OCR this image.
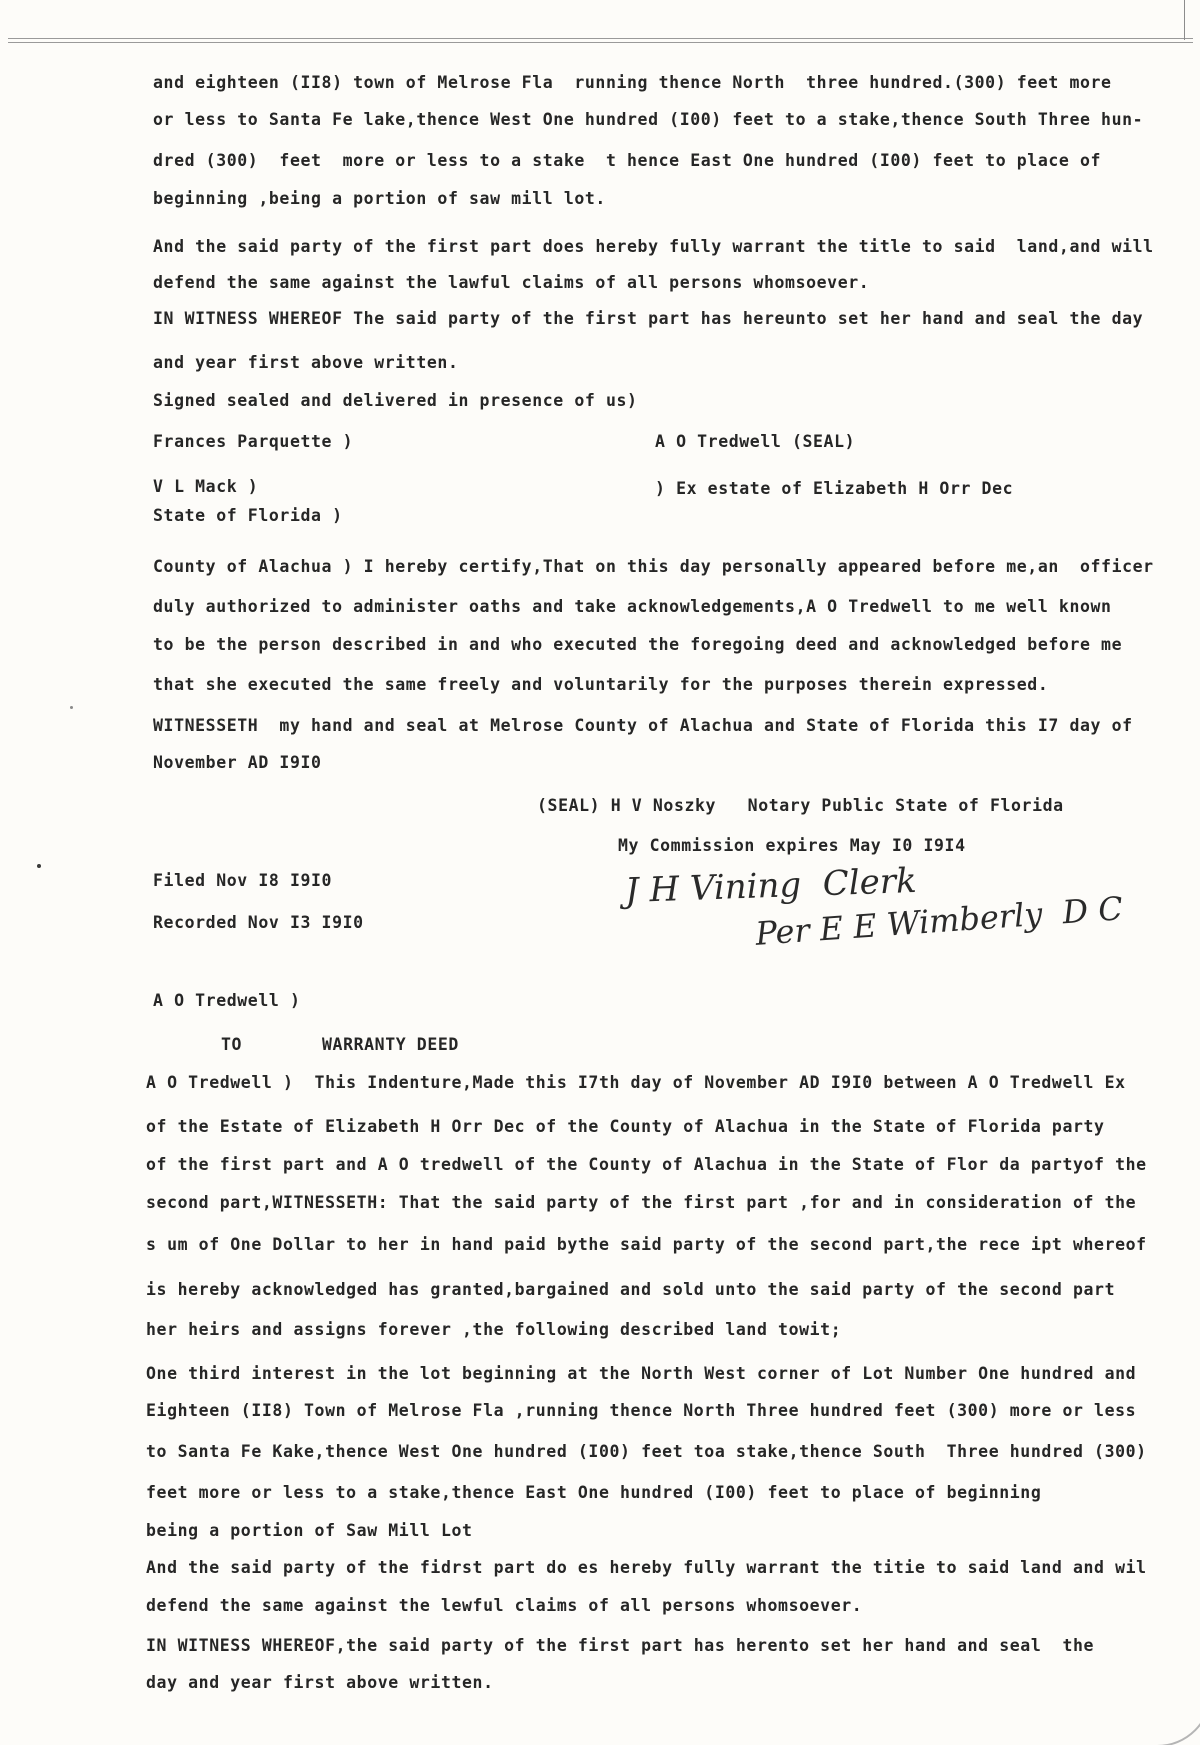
and eighteen (II8) town of Melrose Fla  running thence North  three hundred.(300) feet more
or less to Santa Fe lake,thence West One hundred (I00) feet to a stake,thence South Three hun-
dred (300)  feet  more or less to a stake  t hence East One hundred (I00) feet to place of
beginning ,being a portion of saw mill lot.
And the said party of the first part does hereby fully warrant the title to said  land,and will
defend the same against the lawful claims of all persons whomsoever.
IN WITNESS WHEREOF The said party of the first part has hereunto set her hand and seal the day
and year first above written.
Signed sealed and delivered in presence of us)
Frances Parquette )	A O Tredwell (SEAL)
V L Mack )	) Ex estate of Elizabeth H Orr Dec
State of Florida )
County of Alachua ) I hereby certify,That on this day personally appeared before me,an  officer
duly authorized to administer oaths and take acknowledgements,A O Tredwell to me well known
to be the person described in and who executed the foregoing deed and acknowledged before me
that she executed the same freely and voluntarily for the purposes therein expressed.
WITNESSETH  my hand and seal at Melrose County of Alachua and State of Florida this I7 day of
November AD I9I0
(SEAL) H V Noszky   Notary Public State of Florida
My Commission expires May I0 I9I4
Filed Nov I8 I9I0
Recorded Nov I3 I9I0
A O Tredwell )
TO	WARRANTY DEED
A O Tredwell )  This Indenture,Made this I7th day of November AD I9I0 between A O Tredwell Ex
of the Estate of Elizabeth H Orr Dec of the County of Alachua in the State of Florida party
of the first part and A O tredwell of the County of Alachua in the State of Flor da partyof the
second part,WITNESSETH: That the said party of the first part ,for and in consideration of the
s um of One Dollar to her in hand paid bythe said party of the second part,the rece ipt whereof
is hereby acknowledged has granted,bargained and sold unto the said party of the second part
her heirs and assigns forever ,the following described land towit;
One third interest in the lot beginning at the North West corner of Lot Number One hundred and
Eighteen (II8) Town of Melrose Fla ,running thence North Three hundred feet (300) more or less
to Santa Fe Kake,thence West One hundred (I00) feet toa stake,thence South  Three hundred (300)
feet more or less to a stake,thence East One hundred (I00) feet to place of beginning
being a portion of Saw Mill Lot
And the said party of the fidrst part do es hereby fully warrant the titie to said land and wil
defend the same against the lewful claims of all persons whomsoever.
IN WITNESS WHEREOF,the said party of the first part has herento set her hand and seal  the
day and year first above written.
J H Vining  Clerk
Per E E Wimberly  D C
